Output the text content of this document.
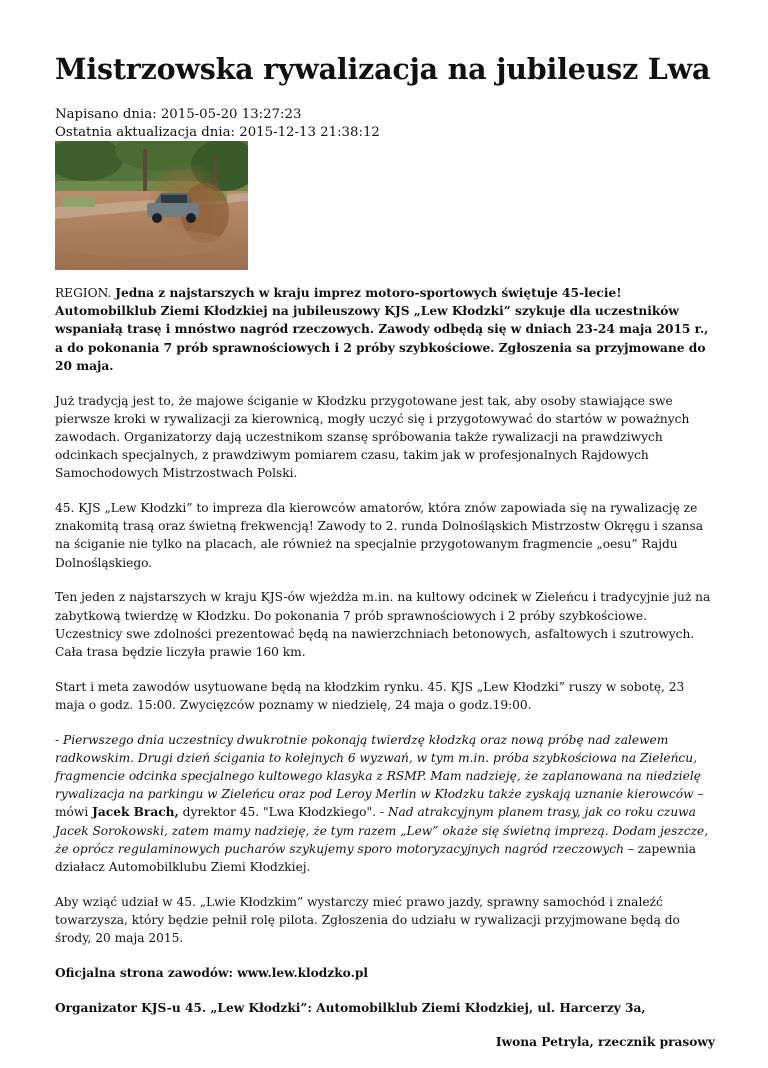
Mistrzowska rywalizacja na jubileusz Lwa
Napisano dnia: 2015-05-20 13:27:23
Ostatnia aktualizacja dnia: 2015-12-13 21:38:12

REGION. Jedna z najstarszych w kraju imprez motoro-sportowych świętuje 45-lecie! Automobilklub Ziemi Kłodzkiej na jubileuszowy KJS „Lew Kłodzki” szykuje dla uczestników wspaniałą trasę i mnóstwo nagród rzeczowych. Zawody odbędą się w dniach 23-24 maja 2015 r., a do pokonania 7 prób sprawnościowych i 2 próby szybkościowe. Zgłoszenia sa przyjmowane do 20 maja.

Już tradycją jest to, że majowe ściganie w Kłodzku przygotowane jest tak, aby osoby stawiające swe pierwsze kroki w rywalizacji za kierownicą, mogły uczyć się i przygotowywać do startów w poważnych zawodach. Organizatorzy dają uczestnikom szansę spróbowania także rywalizacji na prawdziwych odcinkach specjalnych, z prawdziwym pomiarem czasu, takim jak w profesjonalnych Rajdowych Samochodowych Mistrzostwach Polski.

45. KJS „Lew Kłodzki” to impreza dla kierowców amatorów, która znów zapowiada się na rywalizację ze znakomitą trasą oraz świetną frekwencją! Zawody to 2. runda Dolnośląskich Mistrzostw Okręgu i szansa na ściganie nie tylko na placach, ale również na specjalnie przygotowanym fragmencie „oesu” Rajdu Dolnośląskiego.

Ten jeden z najstarszych w kraju KJS-ów wjeżdża m.in. na kultowy odcinek w Zieleńcu i tradycyjnie już na zabytkową twierdzę w Kłodzku. Do pokonania 7 prób sprawnościowych i 2 próby szybkościowe. Uczestnicy swe zdolności prezentować będą na nawierzchniach betonowych, asfaltowych i szutrowych. Cała trasa będzie liczyła prawie 160 km.

Start i meta zawodów usytuowane będą na kłodzkim rynku. 45. KJS „Lew Kłodzki” ruszy w sobotę, 23 maja o godz. 15:00. Zwycięzców poznamy w niedzielę, 24 maja o godz.19:00.

- Pierwszego dnia uczestnicy dwukrotnie pokonają twierdzę kłodzką oraz nową próbę nad zalewem radkowskim. Drugi dzień ścigania to kolejnych 6 wyzwań, w tym m.in. próba szybkościowa na Zieleńcu, fragmencie odcinka specjalnego kultowego klasyka z RSMP. Mam nadzieję, że zaplanowana na niedzielę rywalizacja na parkingu w Zieleńcu oraz pod Leroy Merlin w Kłodzku także zyskają uznanie kierowców – mówi Jacek Brach, dyrektor 45. "Lwa Kłodzkiego". - Nad atrakcyjnym planem trasy, jak co roku czuwa Jacek Sorokowski, zatem mamy nadzieję, że tym razem „Lew” okaże się świetną imprezą. Dodam jeszcze, że oprócz regulaminowych pucharów szykujemy sporo motoryzacyjnych nagród rzeczowych – zapewnia działacz Automobilklubu Ziemi Kłodzkiej.

Aby wziąć udział w 45. „Lwie Kłodzkim” wystarczy mieć prawo jazdy, sprawny samochód i znaleźć towarzysza, który będzie pełnił rolę pilota. Zgłoszenia do udziału w rywalizacji przyjmowane będą do środy, 20 maja 2015.

Oficjalna strona zawodów: www.lew.klodzko.pl

Organizator KJS-u 45. „Lew Kłodzki”: Automobilklub Ziemi Kłodzkiej, ul. Harcerzy 3a,

Iwona Petryla, rzecznik prasowy
